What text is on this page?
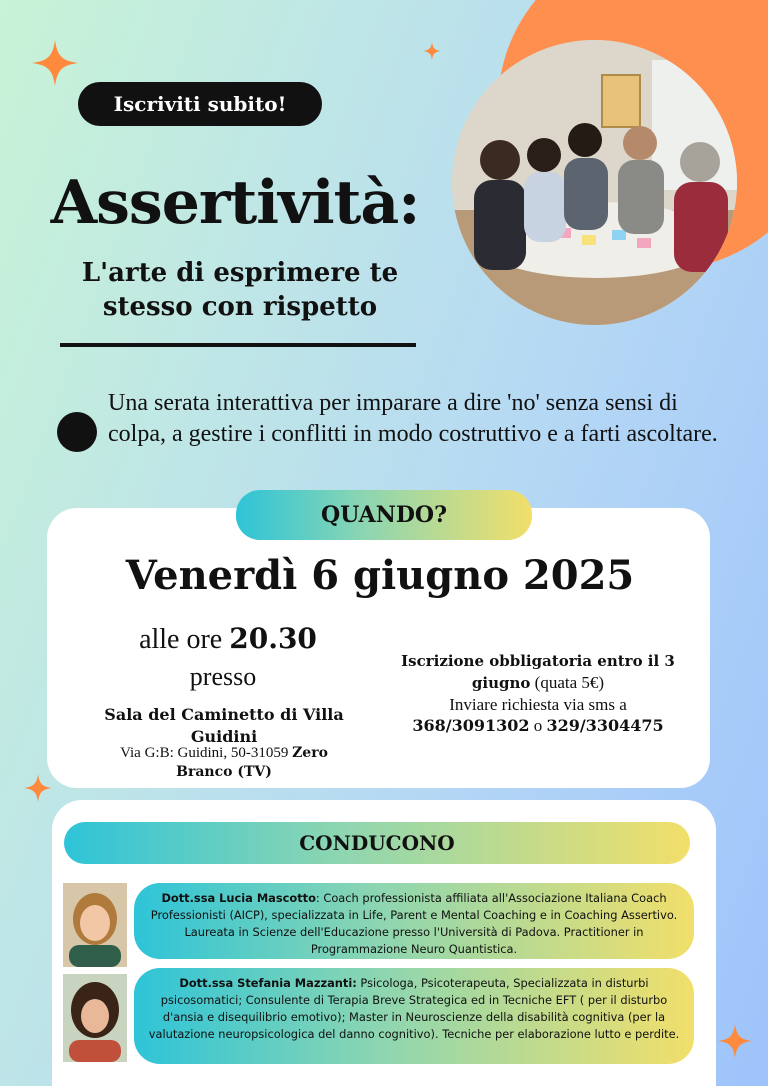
Iscriviti subito!
Assertività:
L'arte di esprimere te stesso con rispetto

Una serata interattiva per imparare a dire 'no' senza sensi di colpa, a gestire i conflitti in modo costruttivo e a farti ascoltare.

QUANDO?
Venerdì 6 giugno 2025
alle ore 20.30
presso
Sala del Caminetto di Villa Guidini
Via G:B: Guidini, 50-31059 Zero Branco (TV)
Iscrizione obbligatoria entro il 3 giugno (quata 5€)
Inviare richiesta via sms a
368/3091302 o 329/3304475
CONDUCONO
Dott.ssa Lucia Mascotto: Coach professionista affiliata all'Associazione Italiana Coach Professionisti (AICP), specializzata in Life, Parent e Mental Coaching e in Coaching Assertivo. Laureata in Scienze dell'Educazione presso l'Università di Padova. Practitioner in Programmazione Neuro Quantistica.
Dott.ssa Stefania Mazzanti: Psicologa, Psicoterapeuta, Specializzata in disturbi psicosomatici; Consulente di Terapia Breve Strategica ed in Tecniche EFT ( per il disturbo d'ansia e disequilibrio emotivo); Master in Neuroscienze della disabilità cognitiva (per la valutazione neuropsicologica del danno cognitivo). Tecniche per elaborazione lutto e perdite.
